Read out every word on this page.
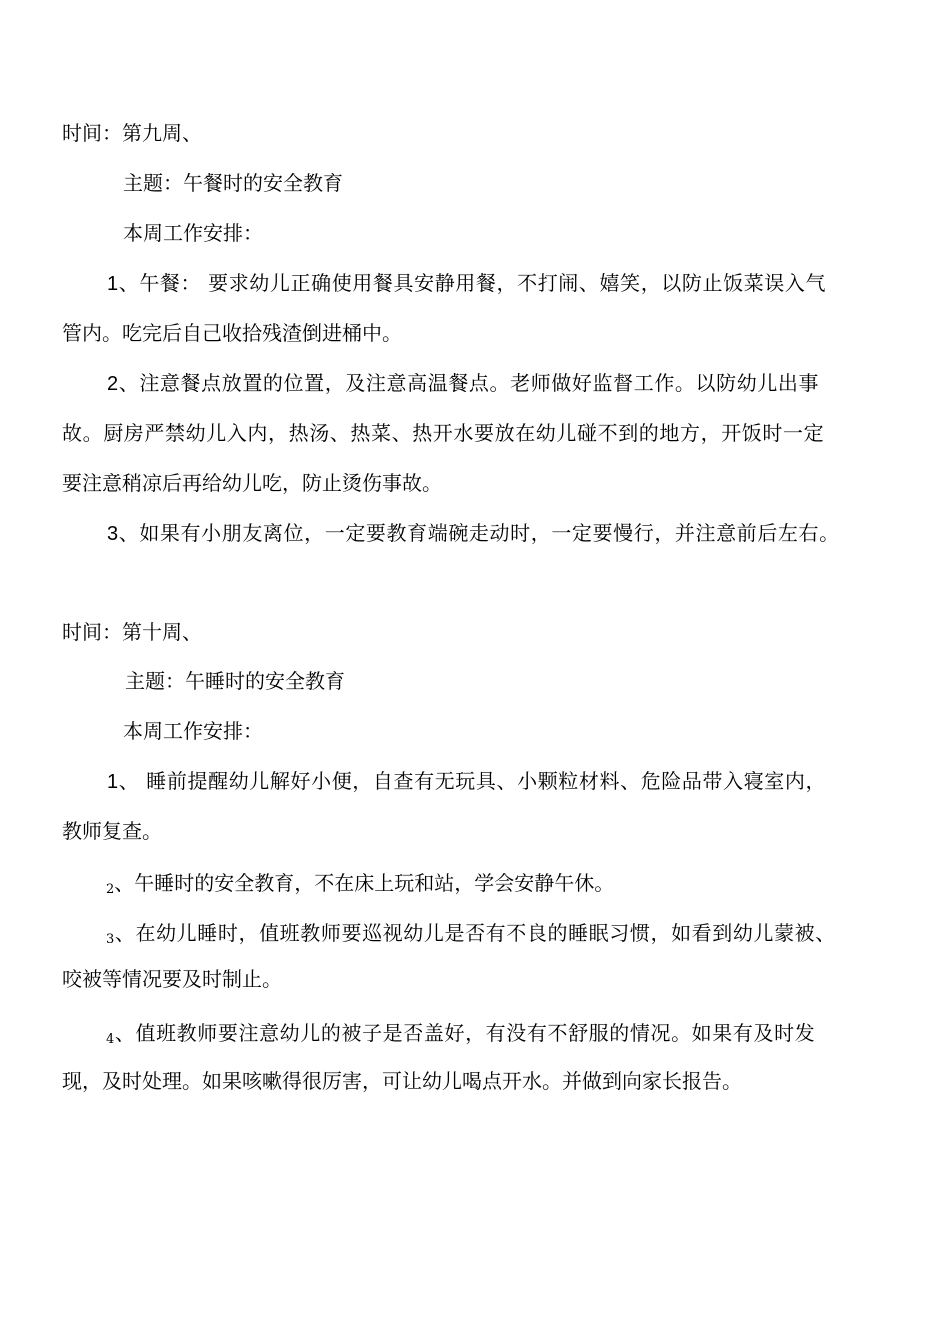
时间：第九周、
主题：午餐时的安全教育
本周工作安排：
1、午餐： 要求幼儿正确使用餐具安静用餐，不打闹、嬉笑，以防止饭菜误入气
管内。吃完后自己收拾残渣倒进桶中。
2、注意餐点放置的位置，及注意高温餐点。老师做好监督工作。以防幼儿出事
故。厨房严禁幼儿入内，热汤、热菜、热开水要放在幼儿碰不到的地方，开饭时一定
要注意稍凉后再给幼儿吃，防止烫伤事故。
3、如果有小朋友离位，一定要教育端碗走动时，一定要慢行，并注意前后左右。
时间：第十周、
主题：午睡时的安全教育
本周工作安排：
1、 睡前提醒幼儿解好小便，自查有无玩具、小颗粒材料、危险品带入寝室内，
教师复查。
2、午睡时的安全教育，不在床上玩和站，学会安静午休。
3、在幼儿睡时，值班教师要巡视幼儿是否有不良的睡眠习惯，如看到幼儿蒙被、
咬被等情况要及时制止。
4、值班教师要注意幼儿的被子是否盖好，有没有不舒服的情况。如果有及时发
现，及时处理。如果咳嗽得很厉害，可让幼儿喝点开水。并做到向家长报告。
